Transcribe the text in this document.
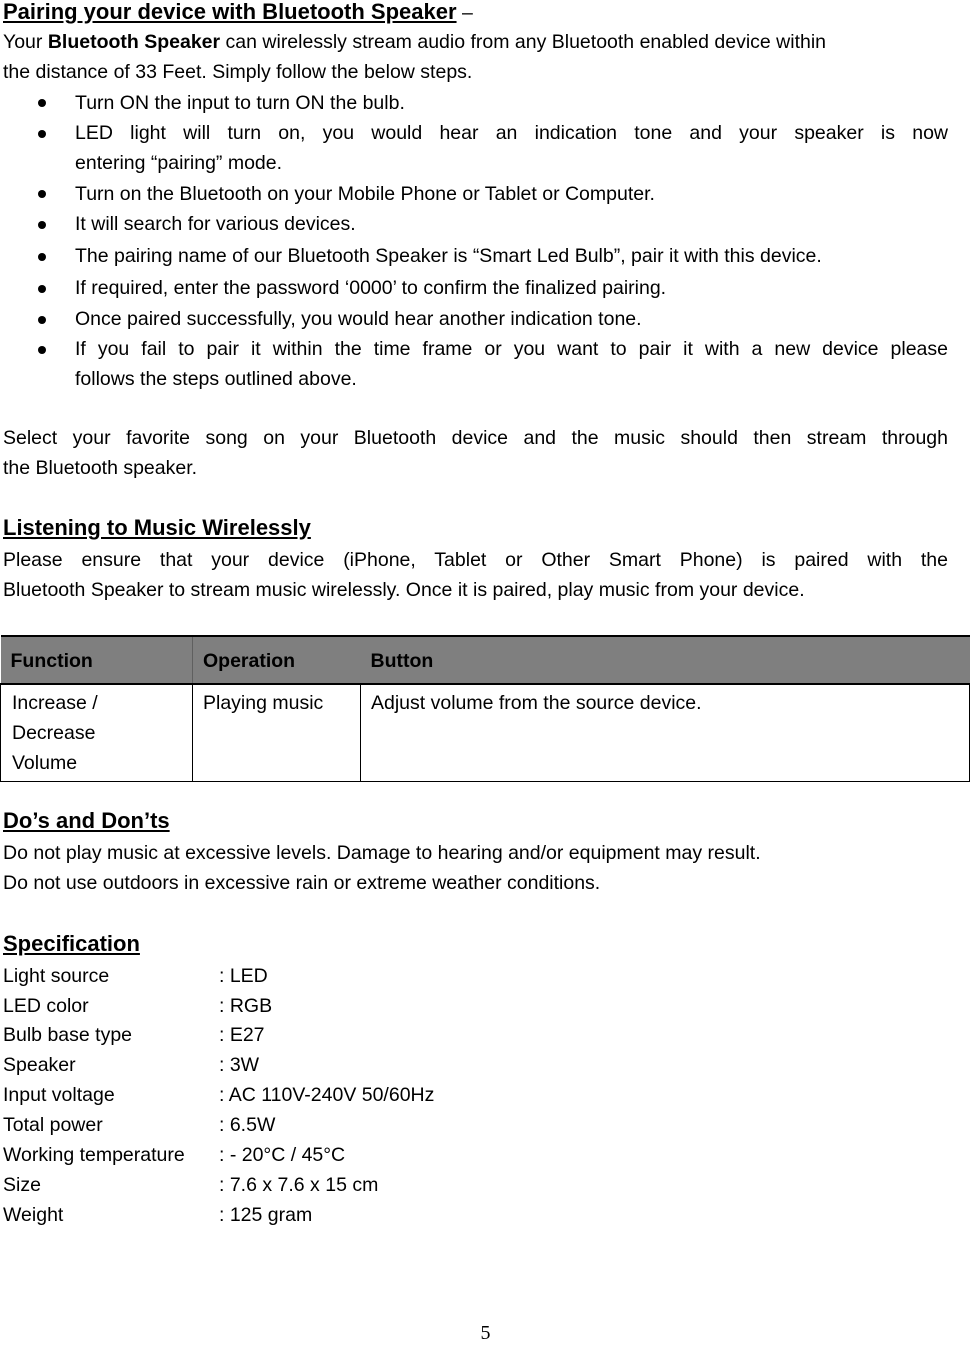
Pairing your device with Bluetooth Speaker –
Your Bluetooth Speaker can wirelessly stream audio from any Bluetooth enabled device within
the distance of 33 Feet. Simply follow the below steps.
Turn ON the input to turn ON the bulb.
LED light will turn on, you would hear an indication tone and your speaker is now
entering “pairing” mode.
Turn on the Bluetooth on your Mobile Phone or Tablet or Computer.
It will search for various devices.
The pairing name of our Bluetooth Speaker is “Smart Led Bulb”, pair it with this device.
If required, enter the password ‘0000’ to confirm the finalized pairing.
Once paired successfully, you would hear another indication tone.
If you fail to pair it within the time frame or you want to pair it with a new device please
follows the steps outlined above.
Select your favorite song on your Bluetooth device and the music should then stream through
the Bluetooth speaker.
Listening to Music Wirelessly
Please ensure that your device (iPhone, Tablet or Other Smart Phone) is paired with the
Bluetooth Speaker to stream music wirelessly. Once it is paired, play music from your device.
Function	Operation	Button

Increase /
Decrease
Volume	Playing music	Adjust volume from the source device.
Do’s and Don’ts
Do not play music at excessive levels. Damage to hearing and/or equipment may result.
Do not use outdoors in excessive rain or extreme weather conditions.
Specification
Light source	: LED
LED color	: RGB
Bulb base type	: E27
Speaker	: 3W
Input voltage	: AC 110V-240V 50/60Hz
Total power	: 6.5W
Working temperature : - 20°C / 45°C
Size	: 7.6 x 7.6 x 15 cm
Weight	: 125 gram
5
